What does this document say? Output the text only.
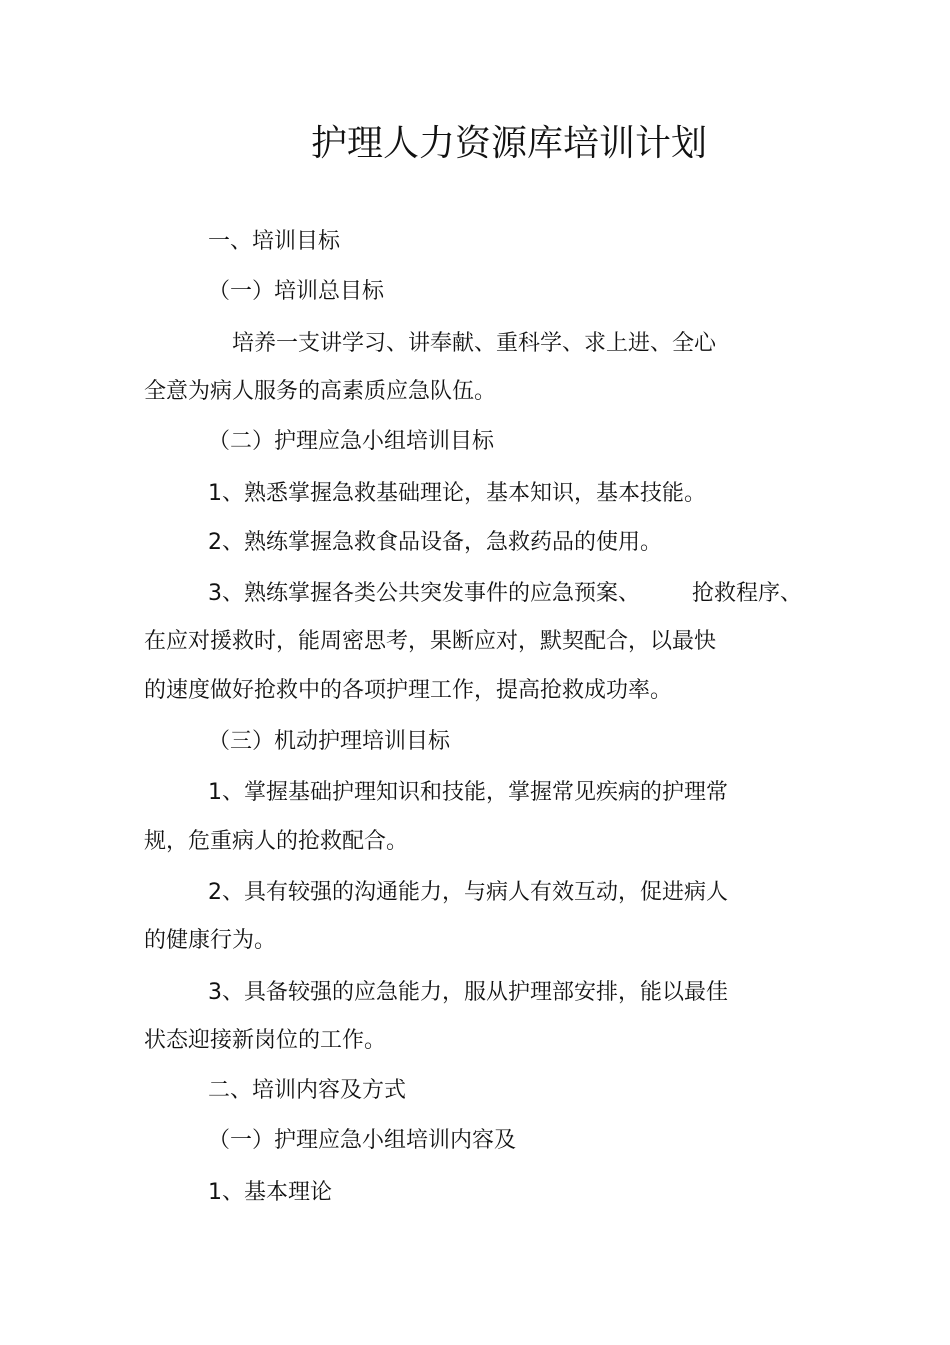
护理人力资源库培训计划
一、培训目标
（一）培训总目标
培养一支讲学习、讲奉献、重科学、求上进、全心
全意为病人服务的高素质应急队伍。
（二）护理应急小组培训目标
1、熟悉掌握急救基础理论，基本知识，基本技能。
2、熟练掌握急救食品设备，急救药品的使用。
3、熟练掌握各类公共突发事件的应急预案、 抢救程序、
在应对援救时，能周密思考，果断应对，默契配合，以最快
的速度做好抢救中的各项护理工作，提高抢救成功率。
（三）机动护理培训目标
1、掌握基础护理知识和技能，掌握常见疾病的护理常
规，危重病人的抢救配合。
2、具有较强的沟通能力，与病人有效互动，促进病人
的健康行为。
3、具备较强的应急能力，服从护理部安排，能以最佳
状态迎接新岗位的工作。
二、培训内容及方式
（一）护理应急小组培训内容及
1、基本理论
